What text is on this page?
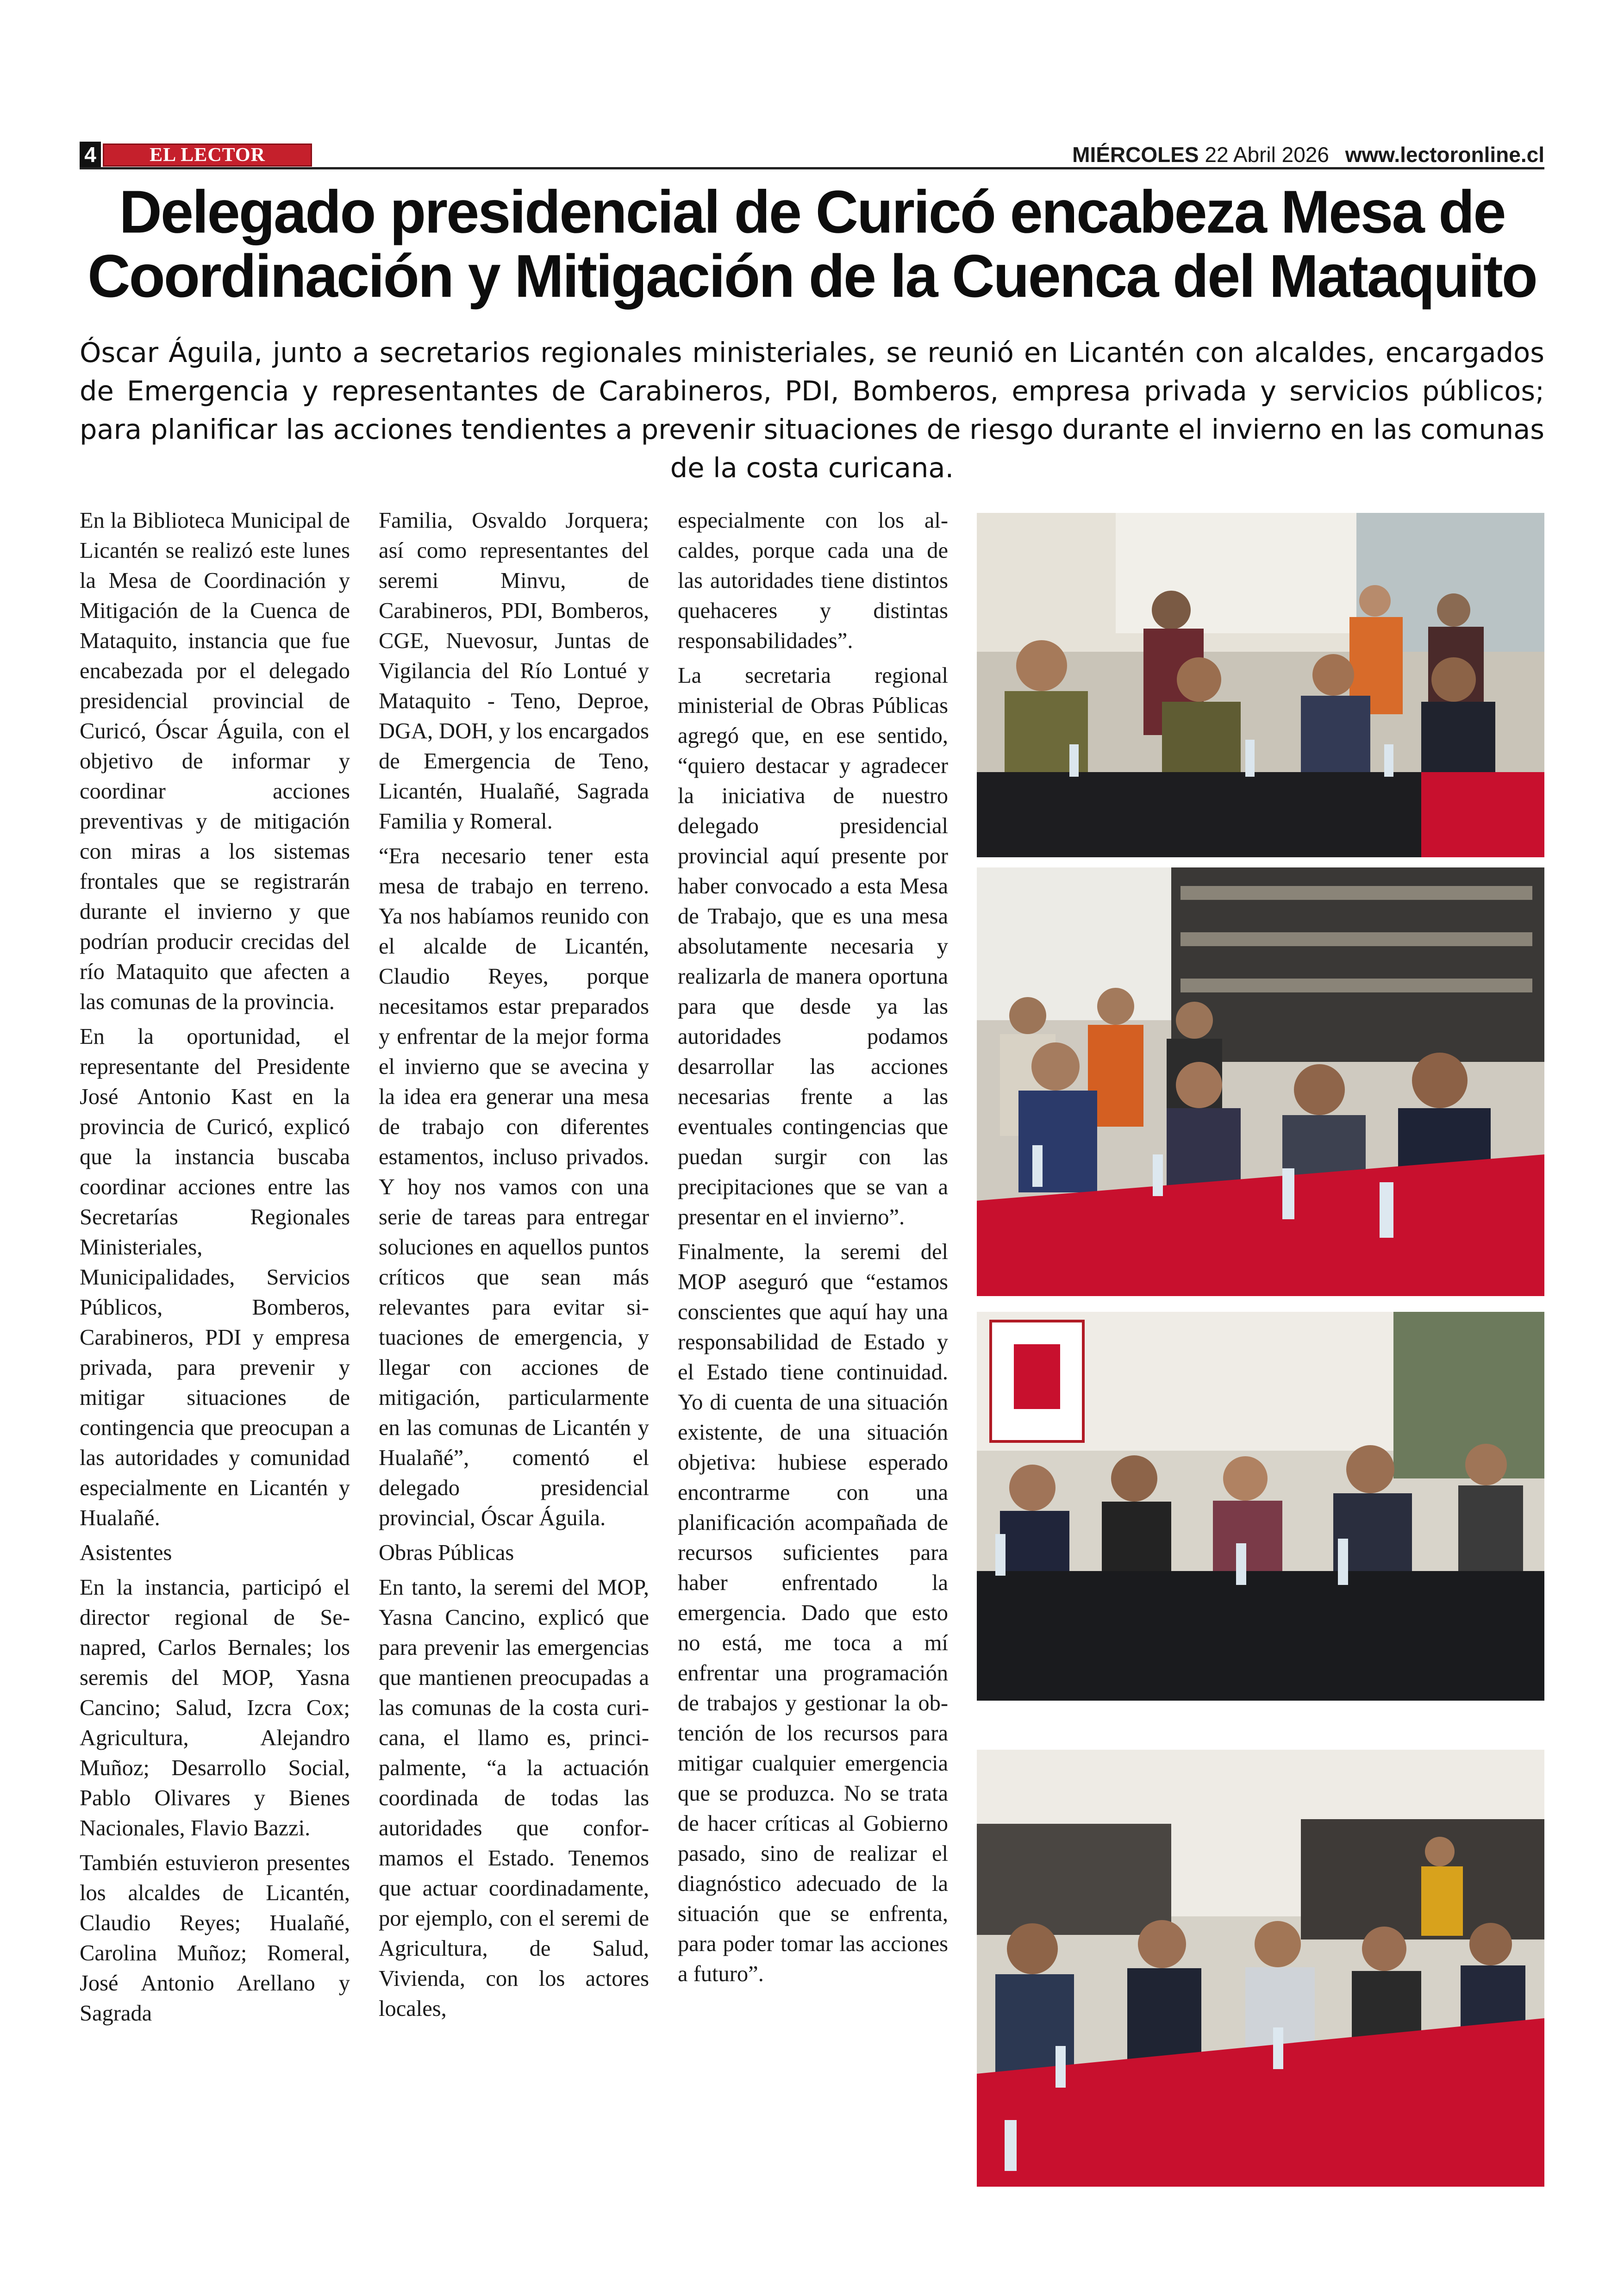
4	EL LECTOR	MIÉRCOLES 22 Abril 2026 www.lectoronline.cl
Delegado presidencial de Curicó encabeza Mesa de
Coordinación y Mitigación de la Cuenca del Mataquito
Óscar Águila, junto a secretarios regionales ministeriales, se reunió en Licantén con alcaldes, encargados de Emergencia y representantes de Carabineros, PDI, Bomberos, empresa privada y servicios públicos; para planificar las acciones tendientes a prevenir situaciones de riesgo durante el invierno en las comunas de la costa curicana.

En la Biblioteca Municipal de Licantén se realizó este lunes la Mesa de Coordinación y Mitigación de la Cuenca de Mataquito, instancia que fue encabezada por el delegado presidencial provincial de Curicó, Óscar Águila, con el objetivo de informar y coordinar acciones preventivas y de mitigación con miras a los sistemas frontales que se registrarán durante el invierno y que podrían producir crecidas del río Mataquito que afecten a las comunas de la provincia.

En la oportunidad, el representante del Presidente José Antonio Kast en la provincia de Curicó, explicó que la instancia buscaba coordinar acciones entre las Secretarías Regionales Ministeriales, Municipalidades, Servicios Públicos, Bomberos, Carabineros, PDI y empresa privada, para prevenir y mitigar situaciones de contingencia que preocupan a las autoridades y comunidad especialmente en Licantén y Hualañé.

Asistentes

En la instancia, participó el director regional de Senapred, Carlos Bernales; los seremis del MOP, Yasna Cancino; Salud, Izcra Cox; Agricultura, Alejandro Muñoz; Desarrollo Social, Pablo Olivares y Bienes Nacionales, Flavio Bazzi.

También estuvieron presentes los alcaldes de Licantén, Claudio Reyes; Hualañé, Carolina Muñoz; Romeral, José Antonio Arellano y Sagrada

Familia, Osvaldo Jorquera; así como representantes del seremi Minvu, de Carabineros, PDI, Bomberos, CGE, Nuevosur, Juntas de Vigilancia del Río Lontué y Mataquito - Teno, Deproe, DGA, DOH, y los encargados de Emergencia de Teno, Licantén, Hualañé, Sagrada Familia y Romeral.

“Era necesario tener esta mesa de trabajo en terreno. Ya nos habíamos reunido con el alcalde de Licantén, Claudio Reyes, porque necesitamos estar preparados y enfrentar de la mejor forma el invierno que se avecina y la idea era generar una mesa de trabajo con diferentes estamentos, incluso privados. Y hoy nos vamos con una serie de tareas para entregar soluciones en aquellos puntos críticos que sean más relevantes para evitar situaciones de emergencia, y llegar con acciones de mitigación, particularmente en las comunas de Licantén y Hualañé”, comentó el delegado presidencial provincial, Óscar Águila.

Obras Públicas

En tanto, la seremi del MOP, Yasna Cancino, explicó que para prevenir las emergencias que mantienen preocupadas a las comunas de la costa curicana, el llamo es, principalmente, “a la actuación coordinada de todas las autoridades que conformamos el Estado. Tenemos que actuar coordinadamente, por ejemplo, con el seremi de Agricultura, de Salud, Vivienda, con los actores locales,

especialmente con los alcaldes, porque cada una de las autoridades tiene distintos quehaceres y distintas responsabilidades”.

La secretaria regional ministerial de Obras Públicas agregó que, en ese sentido, “quiero destacar y agradecer la iniciativa de nuestro delegado presidencial provincial aquí presente por haber convocado a esta Mesa de Trabajo, que es una mesa absolutamente necesaria y realizarla de manera oportuna para que desde ya las autoridades podamos desarrollar las acciones necesarias frente a las eventuales contingencias que puedan surgir con las precipitaciones que se van a presentar en el invierno”.

Finalmente, la seremi del MOP aseguró que “estamos conscientes que aquí hay una responsabilidad de Estado y el Estado tiene continuidad. Yo di cuenta de una situación existente, de una situación objetiva: hubiese esperado encontrarme con una planificación acompañada de recursos suficientes para haber enfrentado la emergencia. Dado que esto no está, me toca a mí enfrentar una programación de trabajos y gestionar la obtención de los recursos para mitigar cualquier emergencia que se produzca. No se trata de hacer críticas al Gobierno pasado, sino de realizar el diagnóstico adecuado de la situación que se enfrenta, para poder tomar las acciones a futuro”.
